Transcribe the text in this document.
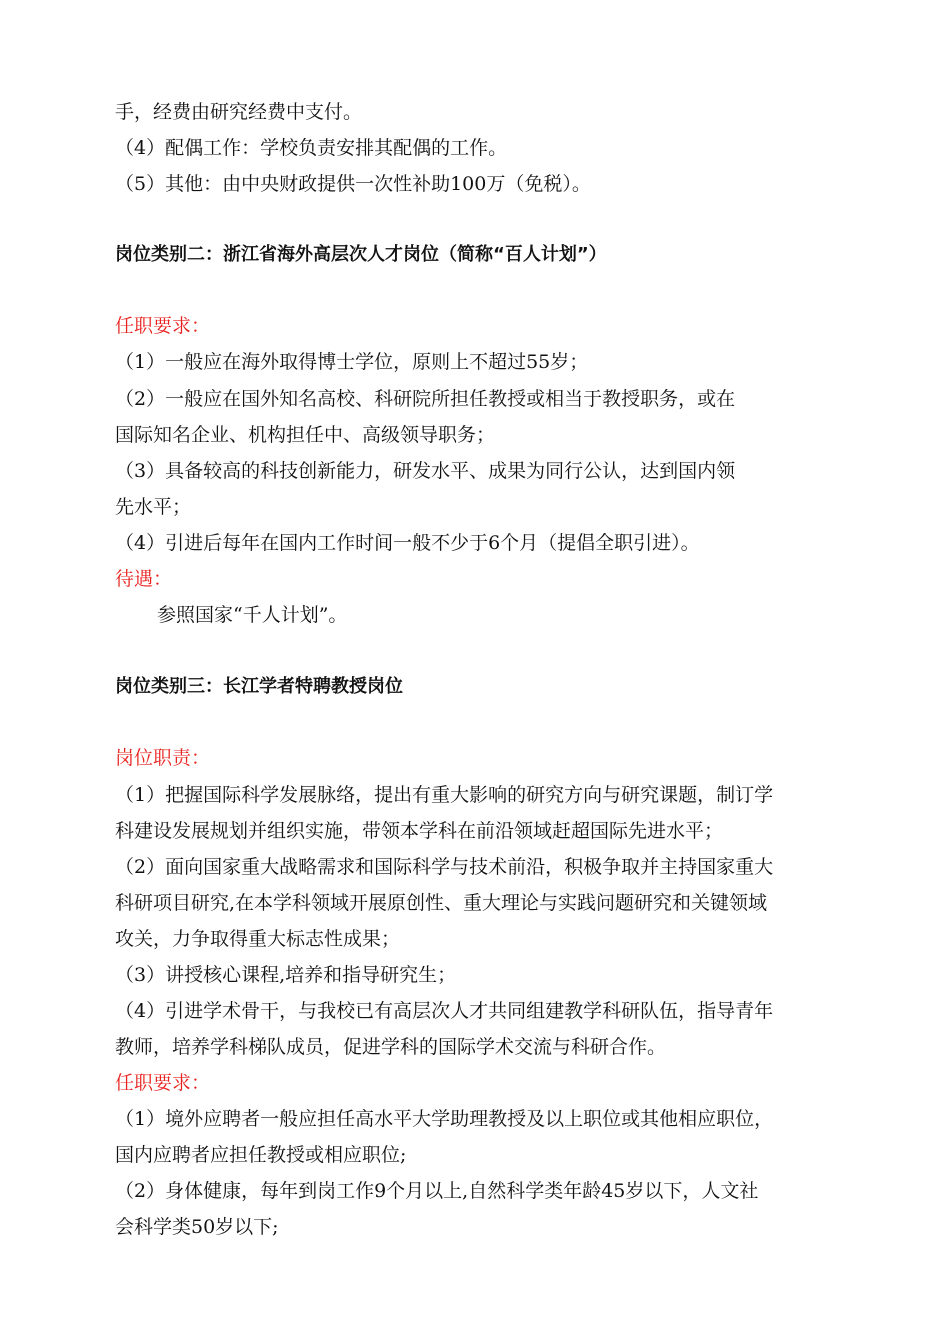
手，经费由研究经费中支付。
（4）配偶工作：学校负责安排其配偶的工作。
（5）其他：由中央财政提供一次性补助100万（免税）。
岗位类别二：浙江省海外高层次人才岗位（简称“百人计划”）
任职要求：
（1）一般应在海外取得博士学位，原则上不超过55岁；
（2）一般应在国外知名高校、科研院所担任教授或相当于教授职务，或在
国际知名企业、机构担任中、高级领导职务；
（3）具备较高的科技创新能力，研发水平、成果为同行公认，达到国内领
先水平；
（4）引进后每年在国内工作时间一般不少于6个月（提倡全职引进）。
待遇：
参照国家“千人计划”。
岗位类别三：长江学者特聘教授岗位
岗位职责：
（1）把握国际科学发展脉络，提出有重大影响的研究方向与研究课题，制订学
科建设发展规划并组织实施，带领本学科在前沿领域赶超国际先进水平；
（2）面向国家重大战略需求和国际科学与技术前沿，积极争取并主持国家重大
科研项目研究,在本学科领域开展原创性、重大理论与实践问题研究和关键领域
攻关，力争取得重大标志性成果；
（3）讲授核心课程,培养和指导研究生；
（4）引进学术骨干，与我校已有高层次人才共同组建教学科研队伍，指导青年
教师，培养学科梯队成员，促进学科的国际学术交流与科研合作。
任职要求：
（1）境外应聘者一般应担任高水平大学助理教授及以上职位或其他相应职位，
国内应聘者应担任教授或相应职位;
（2）身体健康，每年到岗工作9个月以上,自然科学类年龄45岁以下，人文社
会科学类50岁以下;
